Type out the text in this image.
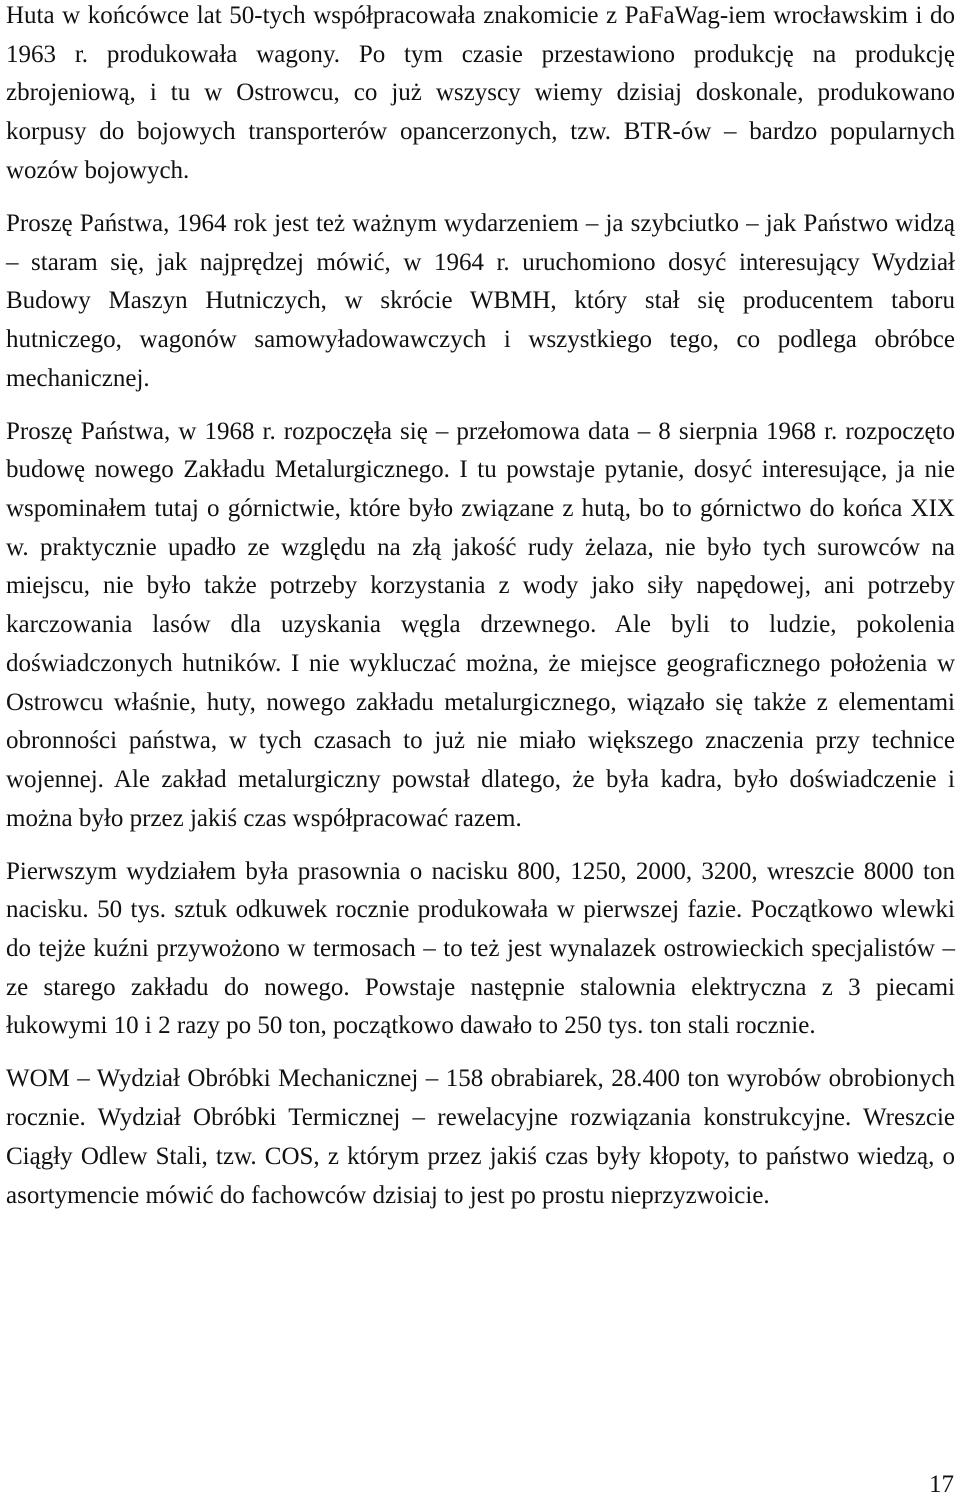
Huta w końcówce lat 50-tych współpracowała znakomicie z PaFaWag-iem wrocławskim i do 1963 r. produkowała wagony. Po tym czasie przestawiono produkcję na produkcję zbrojeniową, i tu w Ostrowcu, co już wszyscy wiemy dzisiaj doskonale, produkowano korpusy do bojowych transporterów opancerzonych, tzw. BTR-ów – bardzo popularnych wozów bojowych.

Proszę Państwa, 1964 rok jest też ważnym wydarzeniem – ja szybciutko – jak Państwo widzą – staram się, jak najprędzej mówić, w 1964 r. uruchomiono dosyć interesujący Wydział Budowy Maszyn Hutniczych, w skrócie WBMH, który stał się producentem taboru hutniczego, wagonów samowyładowawczych i wszystkiego tego, co podlega obróbce mechanicznej.

Proszę Państwa, w 1968 r. rozpoczęła się – przełomowa data – 8 sierpnia 1968 r. rozpoczęto budowę nowego Zakładu Metalurgicznego. I tu powstaje pytanie, dosyć interesujące, ja nie wspominałem tutaj o górnictwie, które było związane z hutą, bo to górnictwo do końca XIX w. praktycznie upadło ze względu na złą jakość rudy żelaza, nie było tych surowców na miejscu, nie było także potrzeby korzystania z wody jako siły napędowej, ani potrzeby karczowania lasów dla uzyskania węgla drzewnego. Ale byli to ludzie, pokolenia doświadczonych hutników. I nie wykluczać można, że miejsce geograficznego położenia w Ostrowcu właśnie, huty, nowego zakładu metalurgicznego, wiązało się także z elementami obronności państwa, w tych czasach to już nie miało większego znaczenia przy technice wojennej. Ale zakład metalurgiczny powstał dlatego, że była kadra, było doświadczenie i można było przez jakiś czas współpracować razem.

Pierwszym wydziałem była prasownia o nacisku 800, 1250, 2000, 3200, wreszcie 8000 ton nacisku. 50 tys. sztuk odkuwek rocznie produkowała w pierwszej fazie. Początkowo wlewki do tejże kuźni przywożono w termosach – to też jest wynalazek ostrowieckich specjalistów – ze starego zakładu do nowego. Powstaje następnie stalownia elektryczna z 3 piecami łukowymi 10 i 2 razy po 50 ton, początkowo dawało to 250 tys. ton stali rocznie.

WOM – Wydział Obróbki Mechanicznej – 158 obrabiarek, 28.400 ton wyrobów obrobionych rocznie. Wydział Obróbki Termicznej – rewelacyjne rozwiązania konstrukcyjne. Wreszcie Ciągły Odlew Stali, tzw. COS, z którym przez jakiś czas były kłopoty, to państwo wiedzą, o asortymencie mówić do fachowców dzisiaj to jest po prostu nieprzyzwoicie.

17
